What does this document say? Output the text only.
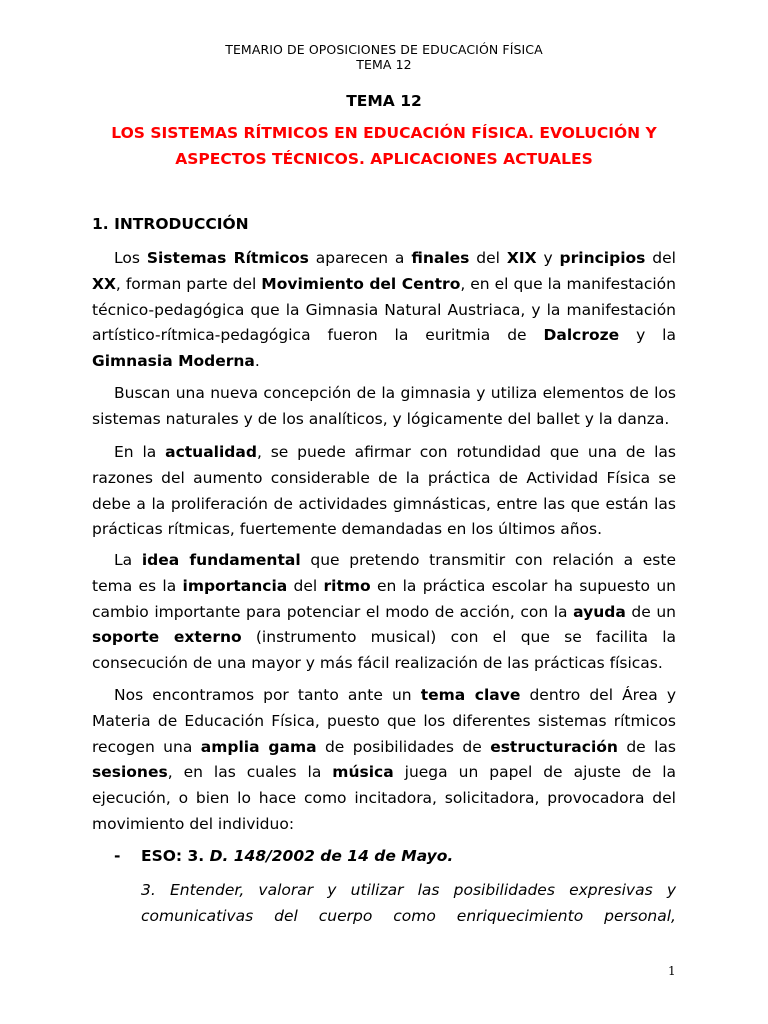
TEMARIO DE OPOSICIONES DE EDUCACIÓN FÍSICA
TEMA 12
TEMA 12
LOS SISTEMAS RÍTMICOS EN EDUCACIÓN FÍSICA. EVOLUCIÓN Y
ASPECTOS TÉCNICOS. APLICACIONES ACTUALES
1. INTRODUCCIÓN

Los Sistemas Rítmicos aparecen a finales del XIX y principios del XX, forman parte del Movimiento del Centro, en el que la manifestación técnico-pedagógica que la Gimnasia Natural Austriaca, y la manifestación artístico-rítmica-pedagógica fueron la euritmia de Dalcroze y la Gimnasia Moderna.

Buscan una nueva concepción de la gimnasia y utiliza elementos de los sistemas naturales y de los analíticos, y lógicamente del ballet y la danza.

En la actualidad, se puede afirmar con rotundidad que una de las razones del aumento considerable de la práctica de Actividad Física se debe a la proliferación de actividades gimnásticas, entre las que están las prácticas rítmicas, fuertemente demandadas en los últimos años.

La idea fundamental que pretendo transmitir con relación a este tema es la importancia del ritmo en la práctica escolar ha supuesto un cambio importante para potenciar el modo de acción, con la ayuda de un soporte externo (instrumento musical) con el que se facilita la consecución de una mayor y más fácil realización de las prácticas físicas.

Nos encontramos por tanto ante un tema clave dentro del Área y Materia de Educación Física, puesto que los diferentes sistemas rítmicos recogen una amplia gama de posibilidades de estructuración de las sesiones, en las cuales la música juega un papel de ajuste de la ejecución, o bien lo hace como incitadora, solicitadora, provocadora del movimiento del individuo:

- ESO: 3. D. 148/2002 de 14 de Mayo.

3. Entender, valorar y utilizar las posibilidades expresivas y comunicativas del cuerpo como enriquecimiento personal,

1
